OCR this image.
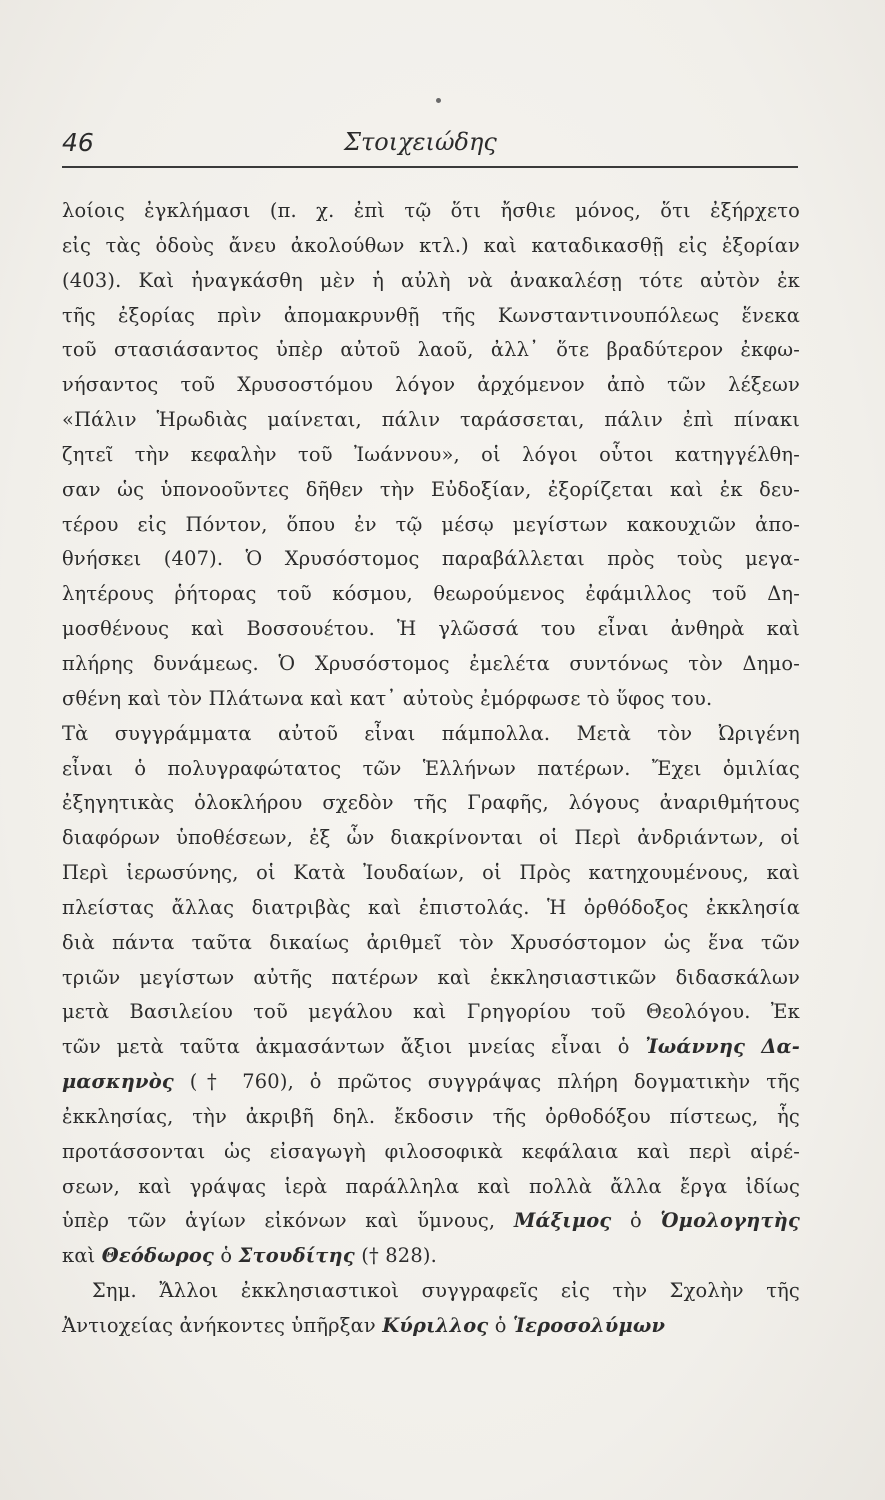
46	Στοιχειώδης
λοίοις ἐγκλήμασι (π. χ. ἐπὶ τῷ ὅτι ἤσθιε μόνος, ὅτι ἐξήρχετο
εἰς τὰς ὁδοὺς ἄνευ ἀκολούθων κτλ.) καὶ καταδικασθῇ εἰς ἐξορίαν
(403). Καὶ ἠναγκάσθη μὲν ἡ αὐλὴ νὰ ἀνακαλέσῃ τότε αὐτὸν ἐκ
τῆς ἐξορίας πρὶν ἀπομακρυνθῇ τῆς Κωνσταντινουπόλεως ἕνεκα
τοῦ στασιάσαντος ὑπὲρ αὐτοῦ λαοῦ, ἀλλ᾿ ὅτε βραδύτερον ἐκφω-
νήσαντος τοῦ Χρυσοστόμου λόγον ἀρχόμενον ἀπὸ τῶν λέξεων
«Πάλιν Ἡρωδιὰς μαίνεται, πάλιν ταράσσεται, πάλιν ἐπὶ πίνακι
ζητεῖ τὴν κεφαλὴν τοῦ Ἰωάννου», οἱ λόγοι οὗτοι κατηγγέλθη-
σαν ὡς ὑπονοοῦντες δῆθεν τὴν Εὐδοξίαν, ἐξορίζεται καὶ ἐκ δευ-
τέρου εἰς Πόντον, ὅπου ἐν τῷ μέσῳ μεγίστων κακουχιῶν ἀπο-
θνήσκει (407). Ὁ Χρυσόστομος παραβάλλεται πρὸς τοὺς μεγα-
λητέρους ῥήτορας τοῦ κόσμου, θεωρούμενος ἐφάμιλλος τοῦ Δη-
μοσθένους καὶ Βοσσουέτου. Ἡ γλῶσσά του εἶναι ἀνθηρὰ καὶ
πλήρης δυνάμεως. Ὁ Χρυσόστομος ἐμελέτα συντόνως τὸν Δημο-
σθένη καὶ τὸν Πλάτωνα καὶ κατ᾿ αὐτοὺς ἐμόρφωσε τὸ ὕφος του.
Τὰ συγγράμματα αὐτοῦ εἶναι πάμπολλα. Μετὰ τὸν Ὠριγένη
εἶναι ὁ πολυγραφώτατος τῶν Ἑλλήνων πατέρων. Ἔχει ὁμιλίας
ἐξηγητικὰς ὁλοκλήρου σχεδὸν τῆς Γραφῆς, λόγους ἀναριθμήτους
διαφόρων ὑποθέσεων, ἐξ ὧν διακρίνονται οἱ Περὶ ἀνδριάντων, οἱ
Περὶ ἱερωσύνης, οἱ Κατὰ Ἰουδαίων, οἱ Πρὸς κατηχουμένους, καὶ
πλείστας ἄλλας διατριβὰς καὶ ἐπιστολάς. Ἡ ὀρθόδοξος ἐκκλησία
διὰ πάντα ταῦτα δικαίως ἀριθμεῖ τὸν Χρυσόστομον ὡς ἕνα τῶν
τριῶν μεγίστων αὐτῆς πατέρων καὶ ἐκκλησιαστικῶν διδασκάλων
μετὰ Βασιλείου τοῦ μεγάλου καὶ Γρηγορίου τοῦ Θεολόγου. Ἐκ
τῶν μετὰ ταῦτα ἀκμασάντων ἄξιοι μνείας εἶναι ὁ Ἰωάννης Δα-
μασκηνὸς († 760), ὁ πρῶτος συγγράψας πλήρη δογματικὴν τῆς
ἐκκλησίας, τὴν ἀκριβῆ δηλ. ἔκδοσιν τῆς ὀρθοδόξου πίστεως, ἧς
προτάσσονται ὡς εἰσαγωγὴ φιλοσοφικὰ κεφάλαια καὶ περὶ αἱρέ-
σεων, καὶ γράψας ἱερὰ παράλληλα καὶ πολλὰ ἄλλα ἔργα ἰδίως
ὑπὲρ τῶν ἁγίων εἰκόνων καὶ ὕμνους, Μάξιμος ὁ Ὁμολογητὴς
καὶ Θεόδωρος ὁ Στουδίτης († 828).
Σημ. Ἄλλοι ἐκκλησιαστικοὶ συγγραφεῖς εἰς τὴν Σχολὴν τῆς
Ἀντιοχείας ἀνήκοντες ὑπῆρξαν Κύριλλος ὁ Ἱεροσολύμων
